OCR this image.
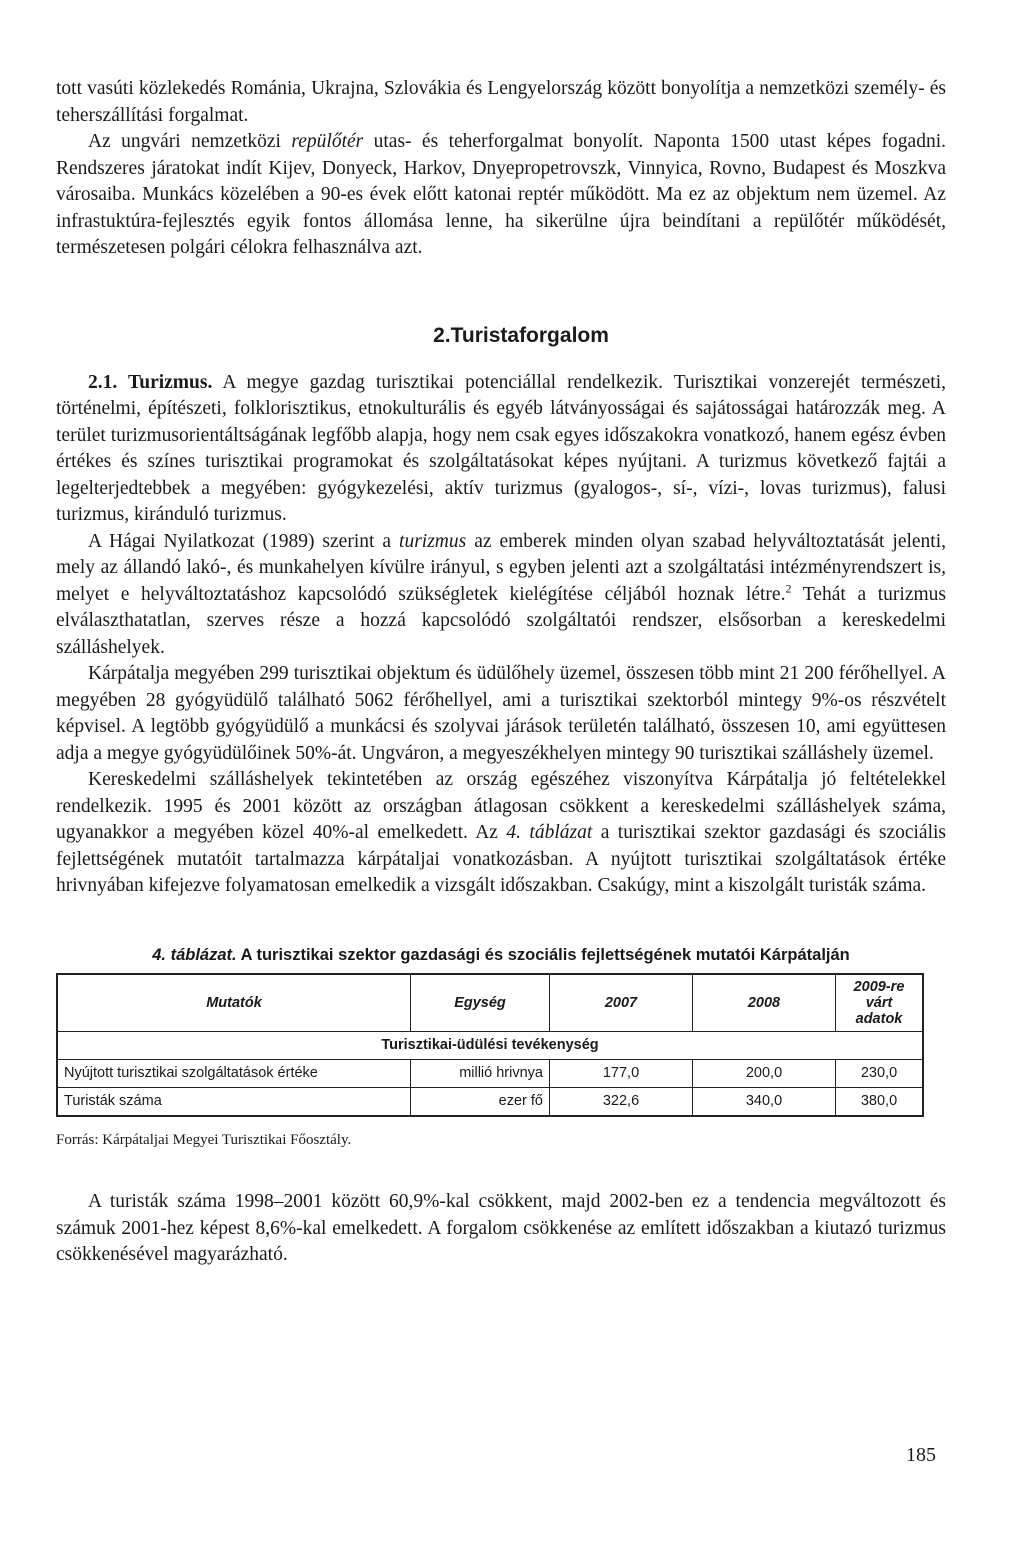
tott vasúti közlekedés Románia, Ukrajna, Szlovákia és Lengyelország között bonyolítja a nemzetközi személy- és teherszállítási forgalmat.

Az ungvári nemzetközi repülőtér utas- és teherforgalmat bonyolít. Naponta 1500 utast képes fogadni. Rendszeres járatokat indít Kijev, Donyeck, Harkov, Dnyepropetrovszk, Vinnyica, Rovno, Budapest és Moszkva városaiba. Munkács közelében a 90-es évek előtt katonai reptér működött. Ma ez az objektum nem üzemel. Az infrastuktúra-fejlesztés egyik fontos állomása lenne, ha sikerülne újra beindítani a repülőtér működését, természetesen polgári célokra felhasználva azt.

2.Turistaforgalom

2.1. Turizmus. A megye gazdag turisztikai potenciállal rendelkezik. Turisztikai vonzerejét természeti, történelmi, építészeti, folklorisztikus, etnokulturális és egyéb látványosságai és sajátosságai határozzák meg. A terület turizmusorientáltságának legfőbb alapja, hogy nem csak egyes időszakokra vonatkozó, hanem egész évben értékes és színes turisztikai programokat és szolgáltatásokat képes nyújtani. A turizmus következő fajtái a legelterjedtebbek a megyében: gyógykezelési, aktív turizmus (gyalogos-, sí-, vízi-, lovas turizmus), falusi turizmus, kiránduló turizmus.

A Hágai Nyilatkozat (1989) szerint a turizmus az emberek minden olyan szabad helyváltoztatását jelenti, mely az állandó lakó-, és munkahelyen kívülre irányul, s egyben jelenti azt a szolgáltatási intézményrendszert is, melyet e helyváltoztatáshoz kapcsolódó szükségletek kielégítése céljából hoznak létre.$^2$ Tehát a turizmus elválaszthatatlan, szerves része a hozzá kapcsolódó szolgáltatói rendszer, elsősorban a kereskedelmi szálláshelyek.

Kárpátalja megyében 299 turisztikai objektum és üdülőhely üzemel, összesen több mint 21 200 férőhellyel. A megyében 28 gyógyüdülő található 5062 férőhellyel, ami a turisztikai szektorból mintegy 9%-os részvételt képvisel. A legtöbb gyógyüdülő a munkácsi és szolyvai járások területén található, összesen 10, ami együttesen adja a megye gyógyüdülőinek 50%-át. Ungváron, a megyeszékhelyen mintegy 90 turisztikai szálláshely üzemel.

Kereskedelmi szálláshelyek tekintetében az ország egészéhez viszonyítva Kárpátalja jó feltételekkel rendelkezik. 1995 és 2001 között az országban átlagosan csökkent a kereskedelmi szálláshelyek száma, ugyanakkor a megyében közel 40%-al emelkedett. Az 4. táblázat a turisztikai szektor gazdasági és szociális fejlettségének mutatóit tartalmazza kárpátaljai vonatkozásban. A nyújtott turisztikai szolgáltatások értéke hrivnyában kifejezve folyamatosan emelkedik a vizsgált időszakban. Csakúgy, mint a kiszolgált turisták száma.

4. táblázat. A turisztikai szektor gazdasági és szociális fejlettségének mutatói Kárpátalján
Mutatók	Egység	2007	2008	2009-re várt adatok
Turisztikai-üdülési tevékenység				
Nyújtott turisztikai szolgáltatások értéke	millió hrivnya	177,0	200,0	230,0
Turisták száma	ezer fő	322,6	340,0	380,0

Forrás: Kárpátaljai Megyei Turisztikai Főosztály.

A turisták száma 1998–2001 között 60,9%-kal csökkent, majd 2002-ben ez a tendencia megváltozott és számuk 2001-hez képest 8,6%-kal emelkedett. A forgalom csökkenése az említett időszakban a kiutazó turizmus csökkenésével magyarázható.

185
